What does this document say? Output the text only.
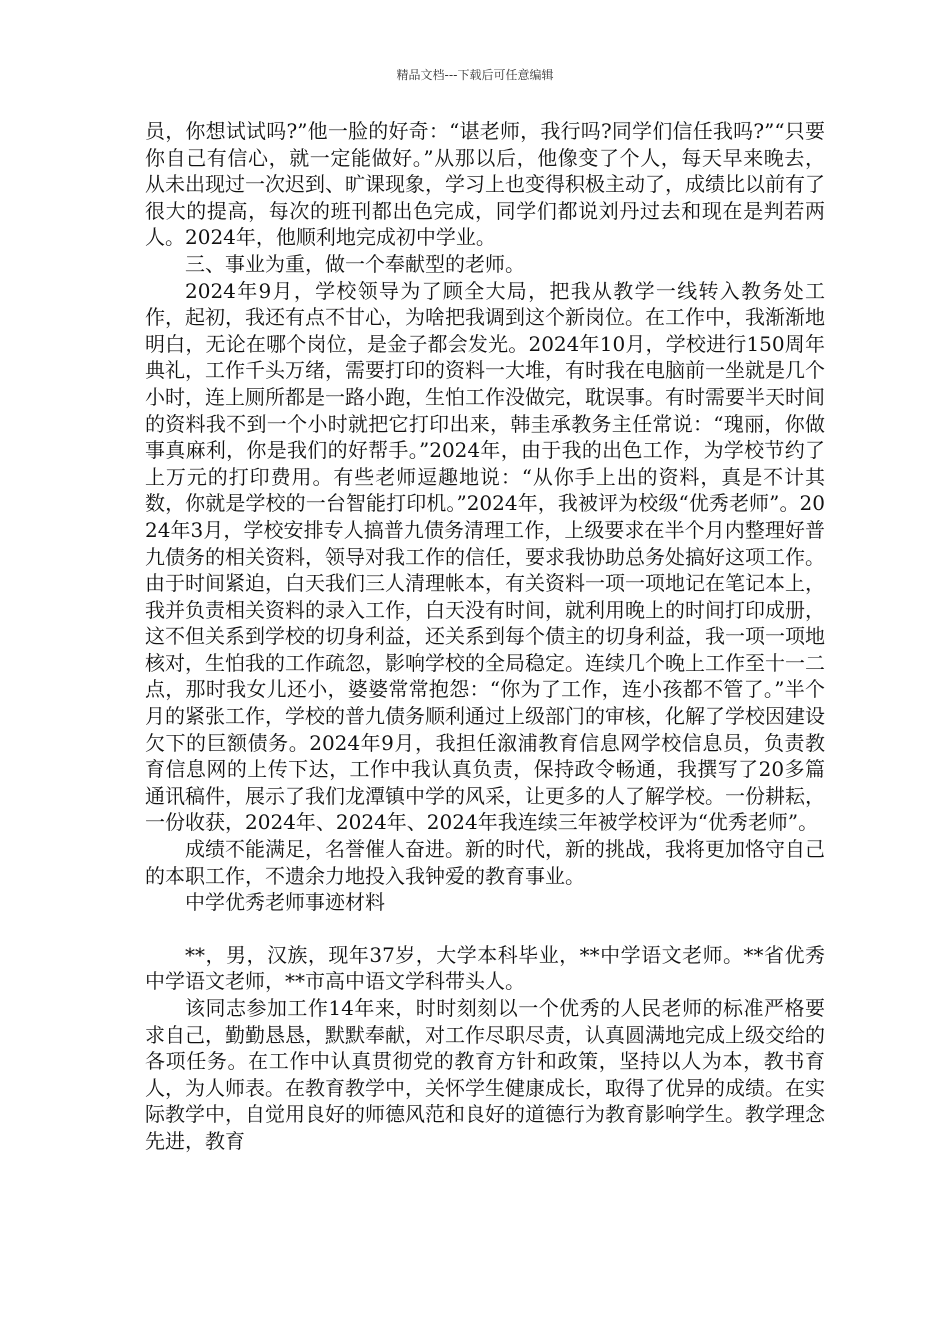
精品文档---下载后可任意编辑

员，你想试试吗?”他一脸的好奇：“谌老师，我行吗?同学们信任我吗?”“只要你自己有信心，就一定能做好。”从那以后，他像变了个人，每天早来晚去，从未出现过一次迟到、旷课现象，学习上也变得积极主动了，成绩比以前有了很大的提高，每次的班刊都出色完成，同学们都说刘丹过去和现在是判若两人。2024年，他顺利地完成初中学业。

三、事业为重，做一个奉献型的老师。

2024年9月，学校领导为了顾全大局，把我从教学一线转入教务处工作，起初，我还有点不甘心，为啥把我调到这个新岗位。在工作中，我渐渐地明白，无论在哪个岗位，是金子都会发光。2024年10月，学校进行150周年典礼，工作千头万绪，需要打印的资料一大堆，有时我在电脑前一坐就是几个小时，连上厕所都是一路小跑，生怕工作没做完，耽误事。有时需要半天时间的资料我不到一个小时就把它打印出来，韩圭承教务主任常说：“瑰丽，你做事真麻利，你是我们的好帮手。”2024年，由于我的出色工作，为学校节约了上万元的打印费用。有些老师逗趣地说：“从你手上出的资料，真是不计其数，你就是学校的一台智能打印机。”2024年，我被评为校级“优秀老师”。2024年3月，学校安排专人搞普九债务清理工作，上级要求在半个月内整理好普九债务的相关资料，领导对我工作的信任，要求我协助总务处搞好这项工作。由于时间紧迫，白天我们三人清理帐本，有关资料一项一项地记在笔记本上，我并负责相关资料的录入工作，白天没有时间，就利用晚上的时间打印成册，这不但关系到学校的切身利益，还关系到每个债主的切身利益，我一项一项地核对，生怕我的工作疏忽，影响学校的全局稳定。连续几个晚上工作至十一二点，那时我女儿还小，婆婆常常抱怨：“你为了工作，连小孩都不管了。”半个月的紧张工作，学校的普九债务顺利通过上级部门的审核，化解了学校因建设欠下的巨额债务。2024年9月，我担任溆浦教育信息网学校信息员，负责教育信息网的上传下达，工作中我认真负责，保持政令畅通，我撰写了20多篇通讯稿件，展示了我们龙潭镇中学的风采，让更多的人了解学校。一份耕耘，一份收获，2024年、2024年、2024年我连续三年被学校评为“优秀老师”。

成绩不能满足，名誉催人奋进。新的时代，新的挑战，我将更加恪守自己的本职工作，不遗余力地投入我钟爱的教育事业。

中学优秀老师事迹材料

**，男，汉族，现年37岁，大学本科毕业，**中学语文老师。**省优秀中学语文老师，**市高中语文学科带头人。

该同志参加工作14年来，时时刻刻以一个优秀的人民老师的标准严格要求自己，勤勤恳恳，默默奉献，对工作尽职尽责，认真圆满地完成上级交给的各项任务。在工作中认真贯彻党的教育方针和政策，坚持以人为本，教书育人，为人师表。在教育教学中，关怀学生健康成长，取得了优异的成绩。在实际教学中，自觉用良好的师德风范和良好的道德行为教育影响学生。教学理念先进，教育
